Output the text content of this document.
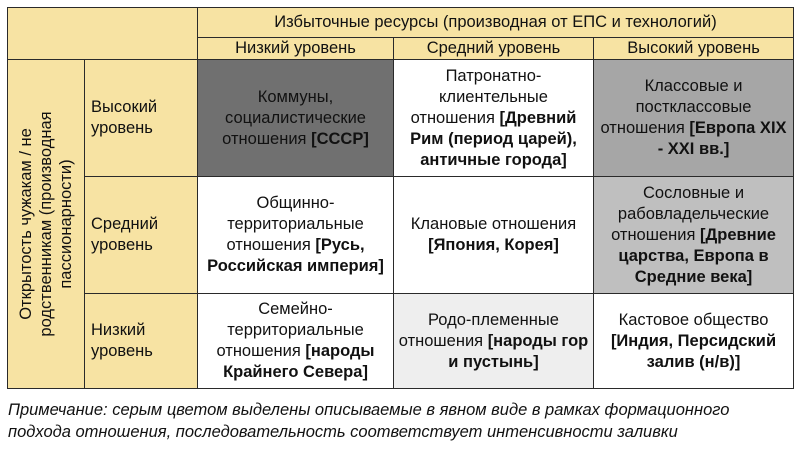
		Избыточные ресурсы (производная от ЕПС и технологий)		
		Низкий уровень	Средний уровень	Высокий уровень

Открытость чужакам / не родственникам (производная пассионарности)	Высокий уровень	Коммуны, социалистические отношения [СССР]	Патронатно-клиентельные отношения [Древний Рим (период царей), античные города]	Классовые и постклассовые отношения [Европа XIX - XXI вв.]
	Средний уровень	Общинно-территориальные отношения [Русь, Российская империя]	Клановые отношения [Япония, Корея]	Сословные и рабовладельческие отношения [Древние царства, Европа в Средние века]
	Низкий уровень	Семейно-территориальные отношения [народы Крайнего Севера]	Родо-племенные отношения [народы гор и пустынь]	Кастовое общество [Индия, Персидский залив (н/в)]
Примечание: серым цветом выделены описываемые в явном виде в рамках формационного подхода отношения, последовательность соответствует интенсивности заливки
